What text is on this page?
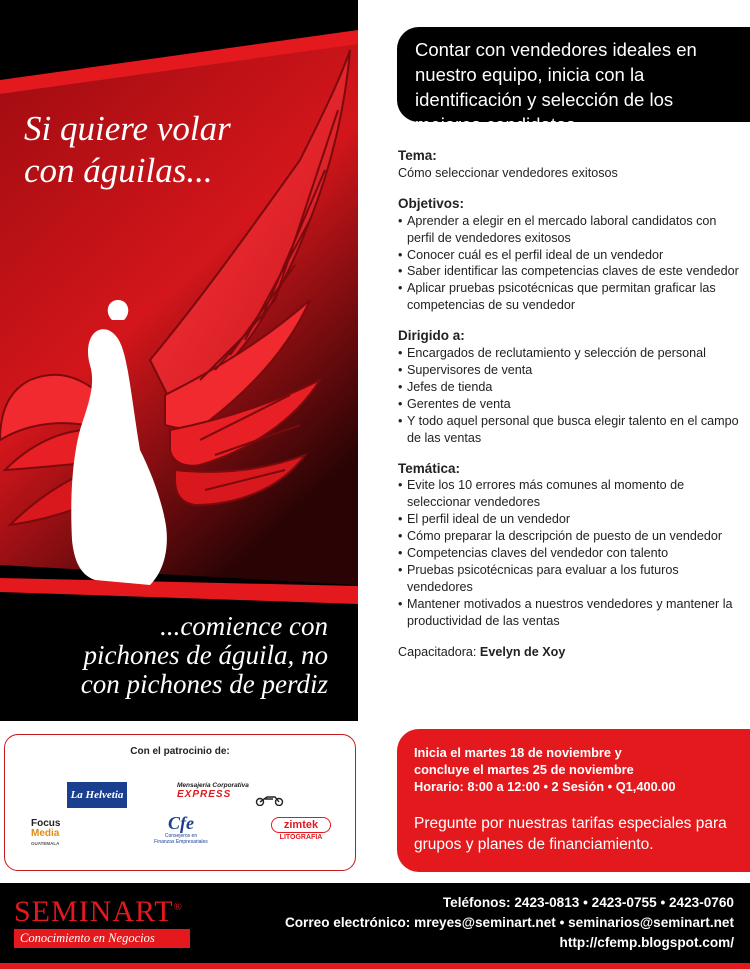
Si quiere volar
con águilas...
...comience con
pichones de águila, no
con pichones de perdiz
Contar con vendedores ideales en nuestro equipo, inicia con la identificación y selección de los mejores candidatos.

Tema:

Cómo seleccionar vendedores exitosos

Objetivos:

• Aprender a elegir en el mercado laboral candidatos con perfil de vendedores exitosos
• Conocer cuál es el perfil ideal de un vendedor
• Saber identificar las competencias claves de este vendedor
• Aplicar pruebas psicotécnicas que permitan graficar las competencias de su vendedor

Dirigido a:

• Encargados de reclutamiento y selección de personal
• Supervisores de venta
• Jefes de tienda
• Gerentes de venta
• Y todo aquel personal que busca elegir talento en el campo de las ventas

Temática:

• Evite los 10 errores más comunes al momento de seleccionar vendedores
• El perfil ideal de un vendedor
• Cómo preparar la descripción de puesto de un vendedor
• Competencias claves del vendedor con talento
• Pruebas psicotécnicas para evaluar a los futuros vendedores
• Mantener motivados a nuestros vendedores y mantener la productividad de las ventas
Capacitadora: Evelyn de Xoy
Con el patrocinio de:
La Helvetia
Mensajería Corporativa
EXPRESS
Focus
Media
GUATEMALA
Cfe
Consejeros en
Finanzas Empresariales
zimtek
LITOGRAFIA
Inicia el martes 18 de noviembre y
concluye el martes 25 de noviembre
Horario: 8:00 a 12:00 • 2 Sesión • Q1,400.00
Pregunte por nuestras tarifas especiales para
grupos y planes de financiamiento.
SEMINART®
Conocimiento en Negocios
Teléfonos: 2423-0813 • 2423-0755 • 2423-0760
Correo electrónico: mreyes@seminart.net • seminarios@seminart.net
http://cfemp.blogspot.com/
